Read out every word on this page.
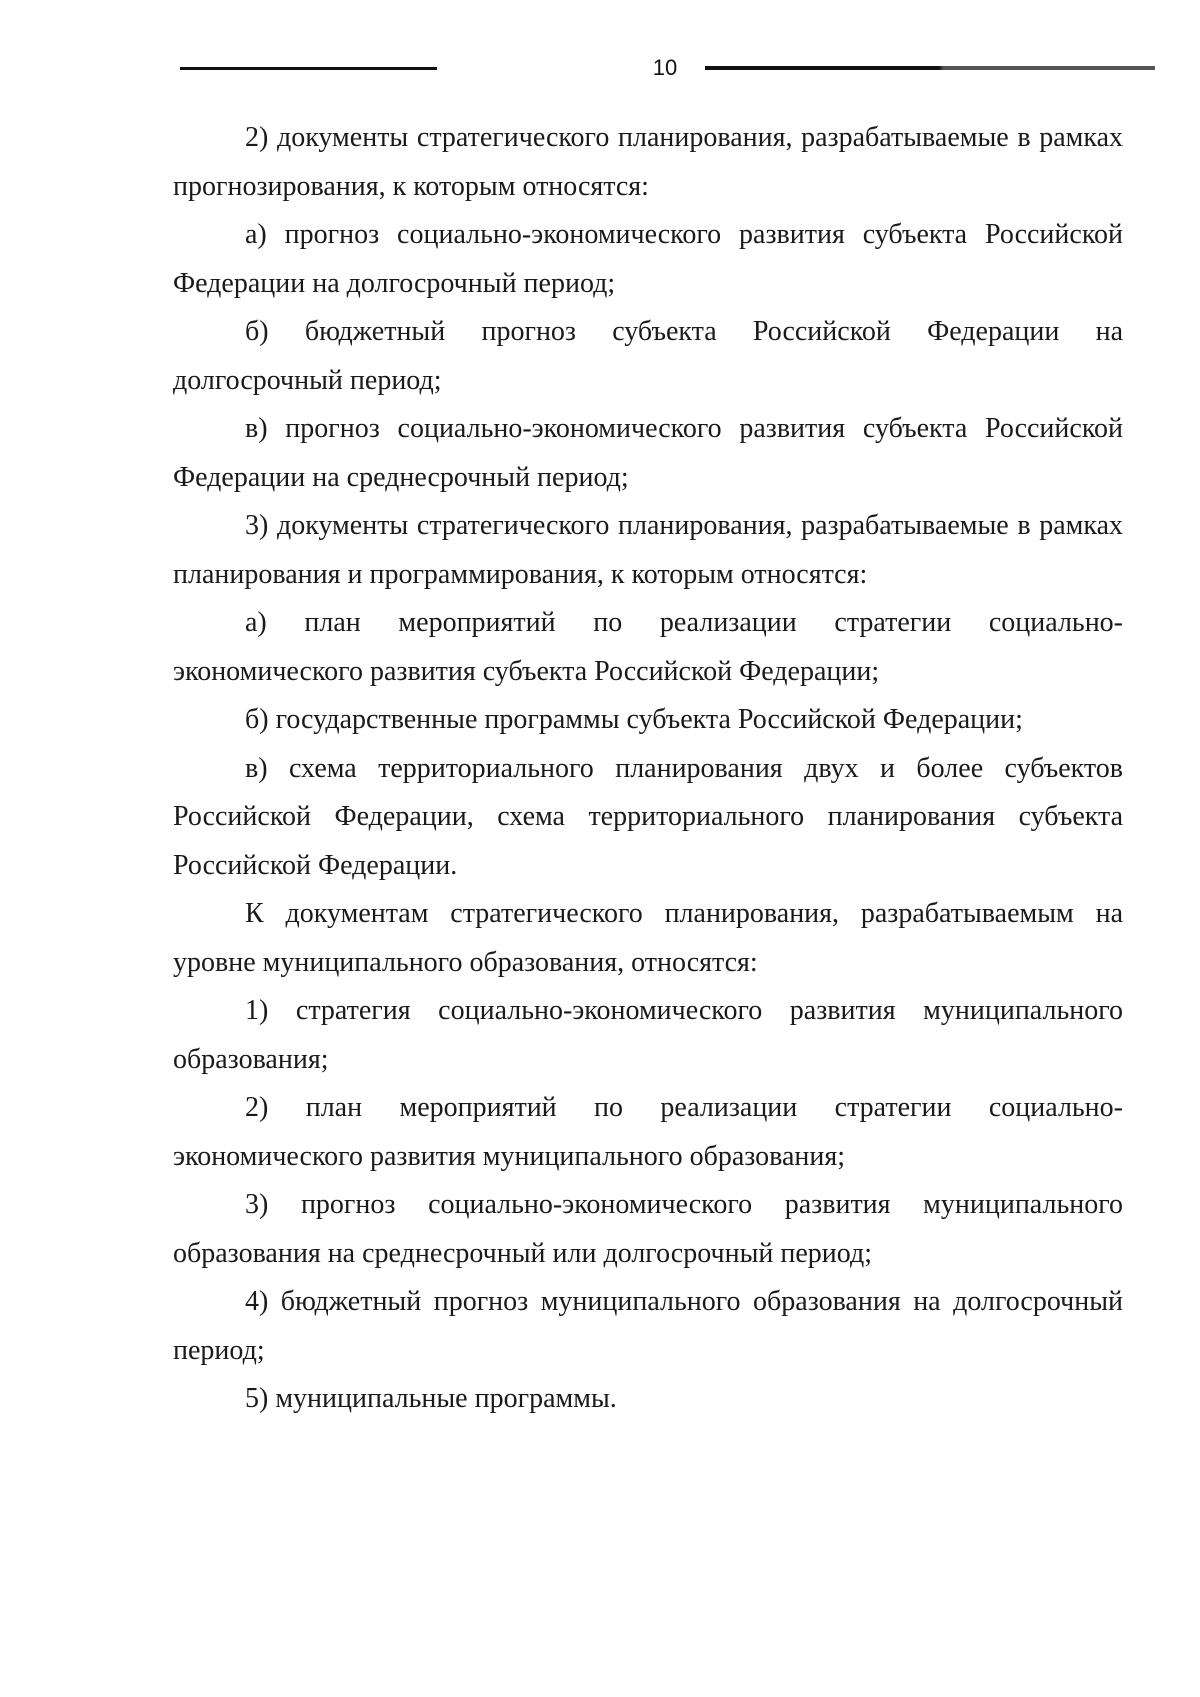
10

2) документы стратегического планирования, разрабатываемые в рамках прогнозирования, к которым относятся:

а) прогноз социально-экономического развития субъекта Российской Федерации на долгосрочный период;

б) бюджетный прогноз субъекта Российской Федерации на долгосрочный период;

в) прогноз социально-экономического развития субъекта Российской Федерации на среднесрочный период;

3) документы стратегического планирования, разрабатываемые в рамках планирования и программирования, к которым относятся:

а) план мероприятий по реализации стратегии социально-экономического развития субъекта Российской Федерации;

б) государственные программы субъекта Российской Федерации;

в) схема территориального планирования двух и более субъектов Российской Федерации, схема территориального планирования субъекта Российской Федерации.

К документам стратегического планирования, разрабатываемым на уровне муниципального образования, относятся:

1) стратегия социально-экономического развития муниципального образования;

2) план мероприятий по реализации стратегии социально-экономического развития муниципального образования;

3) прогноз социально-экономического развития муниципального образования на среднесрочный или долгосрочный период;

4) бюджетный прогноз муниципального образования на долгосрочный период;

5) муниципальные программы.
